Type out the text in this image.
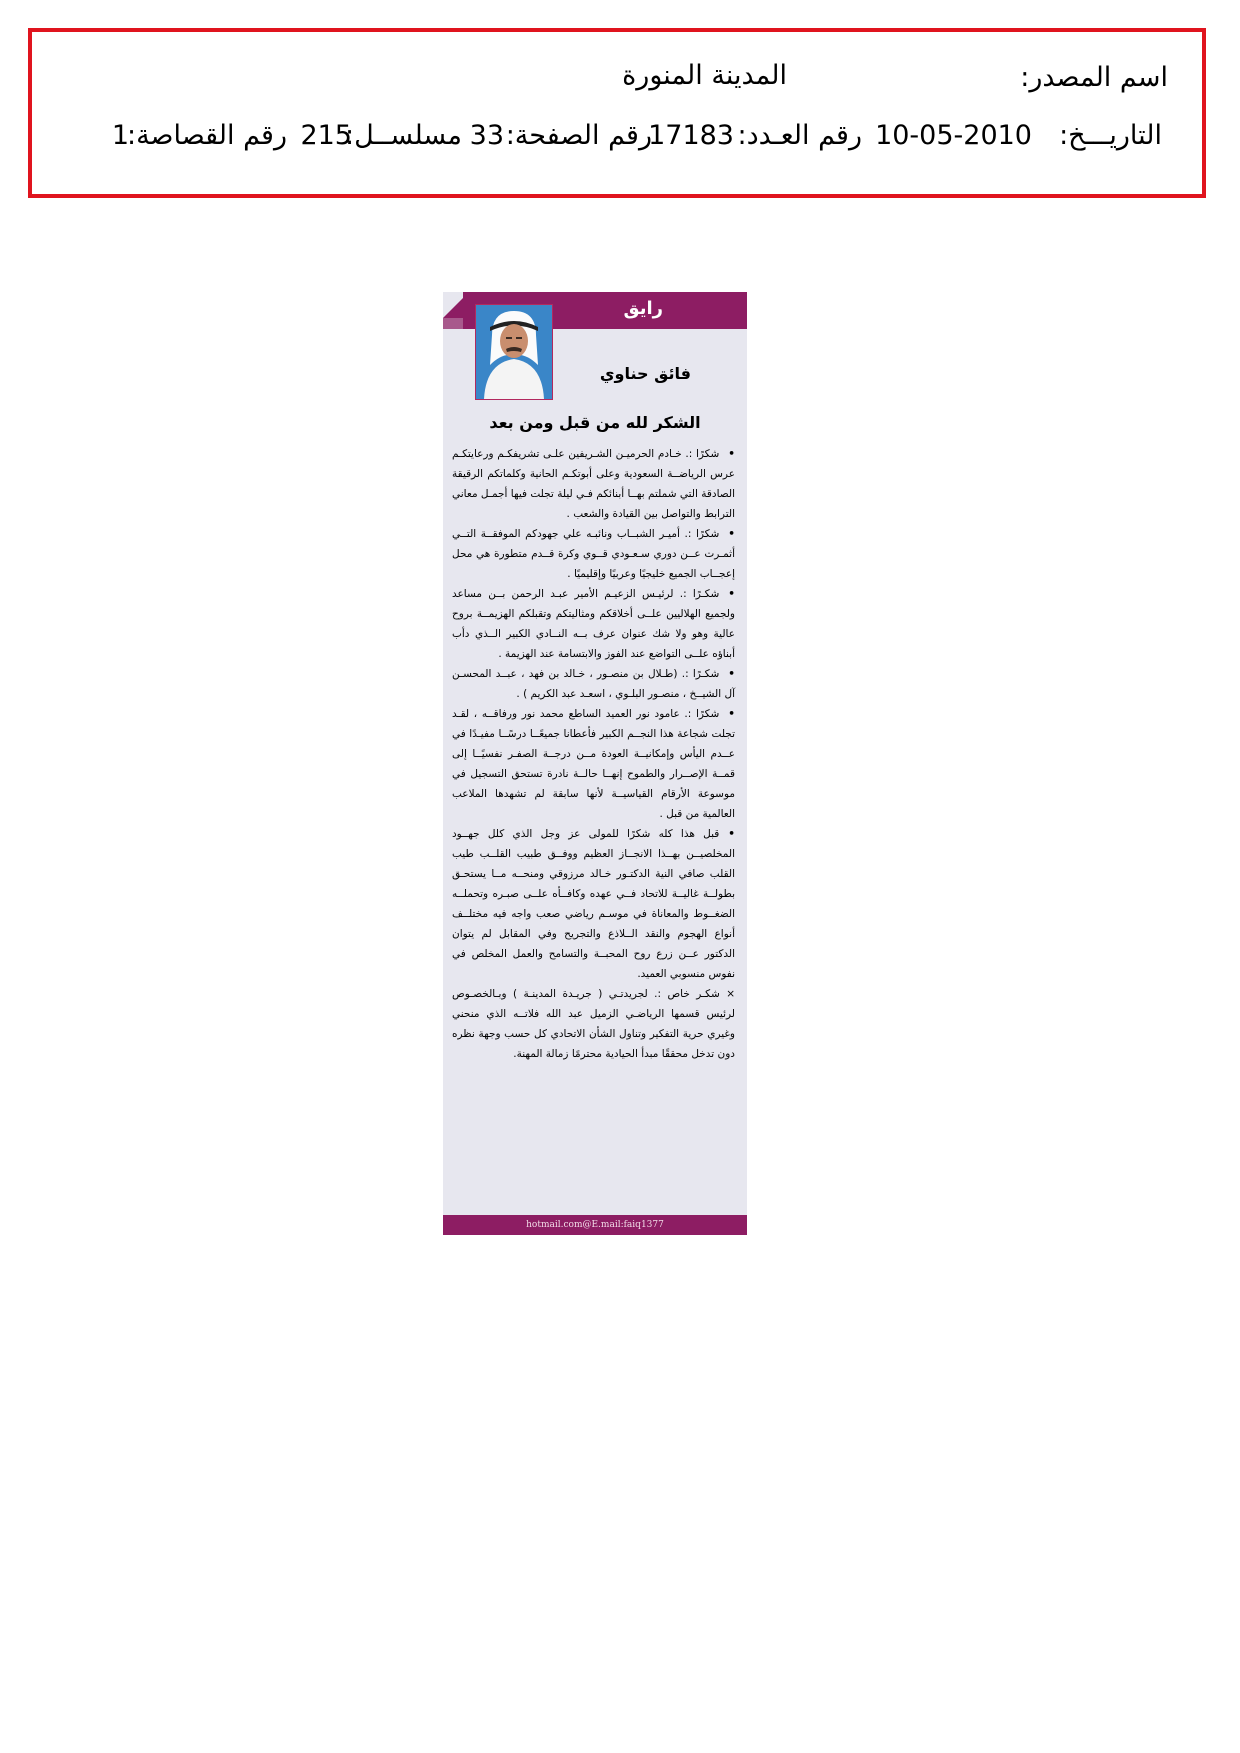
اسم المصدر:
المدينة المنورة
التاريـــخ:
10-05-2010
رقم العـدد:
17183
رقم الصفحة:
33
مسلســل:
215
رقم القصاصة:
1
رايق
فائق حناوي
الشكر لله من قبل ومن بعد

•شكرًا :. خـادم الحرميـن الشـريفين علـى تشريفكـم ورعايتكـم عرس الرياضــة السعودية وعلى أبوتكـم الحانية وكلماتكم الرقيقة الصادقة التي شملتم بهــا أبنائكم فـي ليلة تجلت فيها أجمـل معاني الترابط والتواصل بين القيادة والشعب .

•شكرًا :. أميـر الشبــاب ونائبـه علي جهودكم الموفقــة التــي أثمـرت عــن دوري سـعـودي قــوي وكرة قــدم متطورة هي محل إعجــاب الجميع خليجيًا وعربيًا وإقليميًا .

•شكـرًا :. لرئيـس الزعيـم الأمير عبـد الرحمن بــن مساعد ولجميع الهلاليين علــى أخلاقكم ومثاليتكم وتقبلكم الهزيمــة بروح عالية وهو ولا شك عنوان عرف بــه النــادي الكبير الــذي دأب أبناؤه علــى التواضع عند الفوز والابتسامة عند الهزيمة .

•شكـرًا :. (طـلال بن منصـور ، خـالد بن فهد ، عبــد المحسـن آل الشيــخ ، منصـور البلـوي ، اسعـد عبد الكريم ) .

•شكرًا :. عامود نور العميد الساطع محمد نور ورفاقــه ، لقـد تجلت شجاعة هذا النجــم الكبير فأعطانا جميعًــا درسًــا مفيـدًا في عــدم اليأس وإمكانيــة العودة مــن درجــة الصفـر نفسيًــا إلى قمــة الإصــرار والطموح إنهــا حالــة نادرة تستحق التسجيل في موسوعة الأرقام القياسيــة لأنها سابقة لم تشهدها الملاعب العالمية من قبل .

•قبل هذا كله شكرًا للمولى عز وجل الذي كلل جهــود المخلصيــن بهــذا الانجــاز العظيم ووفــق طبيب القلــب طيب القلب صافي النية الدكتـور خـالد مرزوقي ومنحــه مــا يستحـق بطولــة غاليــة للاتحاد فــي عهده وكافــأه علــى صبـره وتحملــه الضغــوط والمعاناة في موسـم رياضي صعب واجه فيه مختلــف أنواع الهجوم والنقد الــلاذع والتجريح وفي المقابل لم يتوان الدكتور عــن زرع روح المحبــة والتسامح والعمل المخلص في نفوس منسوبي العميد.

× شكـر خاص :. لجريدتـي ( جريـدة المدينـة ) وبـالخصـوص لرئيس قسمها الرياضـي الزميل عبد الله فلاتــه الذي منحني وغيري حرية التفكير وتناول الشأن الاتحادي كل حسب وجهة نظره دون تدخل محققًا مبدأ الحيادية محترمًا زمالة المهنة.

hotmail.com@E.mail:faiq1377
